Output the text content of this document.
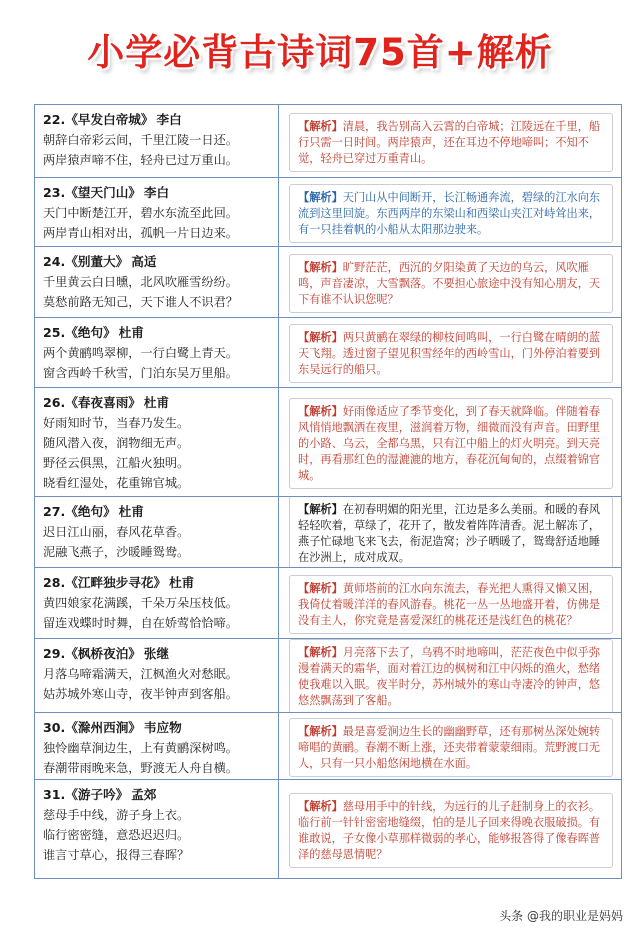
小学必背古诗词75首+解析
22.《早发白帝城》 李白
朝辞白帝彩云间，千里江陵一日还。
两岸猿声啼不住，轻舟已过万重山。
【解析】清晨，我告别高入云霄的白帝城；江陵远在千里，船行只需一日时间。两岸猿声，还在耳边不停地啼叫；不知不觉，轻舟已穿过万重青山。
23.《望天门山》 李白
天门中断楚江开，碧水东流至此回。
两岸青山相对出，孤帆一片日边来。
【解析】天门山从中间断开，长江畅通奔流，碧绿的江水向东流到这里回旋。东西两岸的东梁山和西梁山夹江对峙耸出来，有一只挂着帆的小船从太阳那边驶来。
24.《别董大》 高适
千里黄云白日曛，北风吹雁雪纷纷。
莫愁前路无知己，天下谁人不识君？
【解析】旷野茫茫，西沉的夕阳染黄了天边的乌云，风吹雁鸣，声音凄凉，大雪飘落。不要担心旅途中没有知心朋友，天下有谁不认识您呢？
25.《绝句》 杜甫
两个黄鹂鸣翠柳，一行白鹭上青天。
窗含西岭千秋雪，门泊东吴万里船。
【解析】两只黄鹂在翠绿的柳枝间鸣叫，一行白鹭在晴朗的蓝天飞翔。透过窗子望见积雪经年的西岭雪山，门外停泊着要到东吴远行的船只。
26.《春夜喜雨》 杜甫
好雨知时节，当春乃发生。
随风潜入夜，润物细无声。
野径云俱黑，江船火独明。
晓看红湿处，花重锦官城。
【解析】好雨像适应了季节变化，到了春天就降临。伴随着春风悄悄地飘洒在夜里，滋润着万物，细微而没有声音。田野里的小路、乌云，全都乌黑，只有江中船上的灯火明亮。到天亮时，再看那红色的湿漉漉的地方，春花沉甸甸的，点缀着锦官城。
27.《绝句》 杜甫
迟日江山丽，春风花草香。
泥融飞燕子，沙暖睡鸳鸯。
【解析】在初春明媚的阳光里，江边是多么美丽。和暖的春风轻轻吹着，草绿了，花开了，散发着阵阵清香。泥土解冻了，燕子忙碌地飞来飞去，衔泥造窝；沙子晒暖了，鸳鸯舒适地睡在沙洲上，成对成双。
28.《江畔独步寻花》 杜甫
黄四娘家花满蹊，千朵万朵压枝低。
留连戏蝶时时舞，自在娇莺恰恰啼。
【解析】黄师塔前的江水向东流去，春光把人熏得又懒又困，我倚仗着暖洋洋的春风游春。桃花一丛一丛地盛开着，仿佛是没有主人，你究竟是喜爱深红的桃花还是浅红色的桃花？
29.《枫桥夜泊》 张继
月落乌啼霜满天，江枫渔火对愁眠。
姑苏城外寒山寺，夜半钟声到客船。
【解析】月亮落下去了，乌鸦不时地啼叫，茫茫夜色中似乎弥漫着满天的霜华，面对着江边的枫树和江中闪烁的渔火，愁绪使我难以入眠。夜半时分，苏州城外的寒山寺凄冷的钟声，悠悠然飘荡到了客船。
30.《滁州西涧》 韦应物
独怜幽草涧边生，上有黄鹂深树鸣。
春潮带雨晚来急，野渡无人舟自横。
【解析】最是喜爱涧边生长的幽幽野草，还有那树丛深处婉转啼唱的黄鹂。春潮不断上涨，还夹带着蒙蒙细雨。荒野渡口无人，只有一只小船悠闲地横在水面。
31.《游子吟》 孟郊
慈母手中线，游子身上衣。
临行密密缝，意恐迟迟归。
谁言寸草心，报得三春晖？
【解析】慈母用手中的针线，为远行的儿子赶制身上的衣衫。临行前一针针密密地缝缀，怕的是儿子回来得晚衣服破损。有谁敢说，子女像小草那样微弱的孝心，能够报答得了像春晖普泽的慈母恩情呢？
头条 @我的职业是妈妈
